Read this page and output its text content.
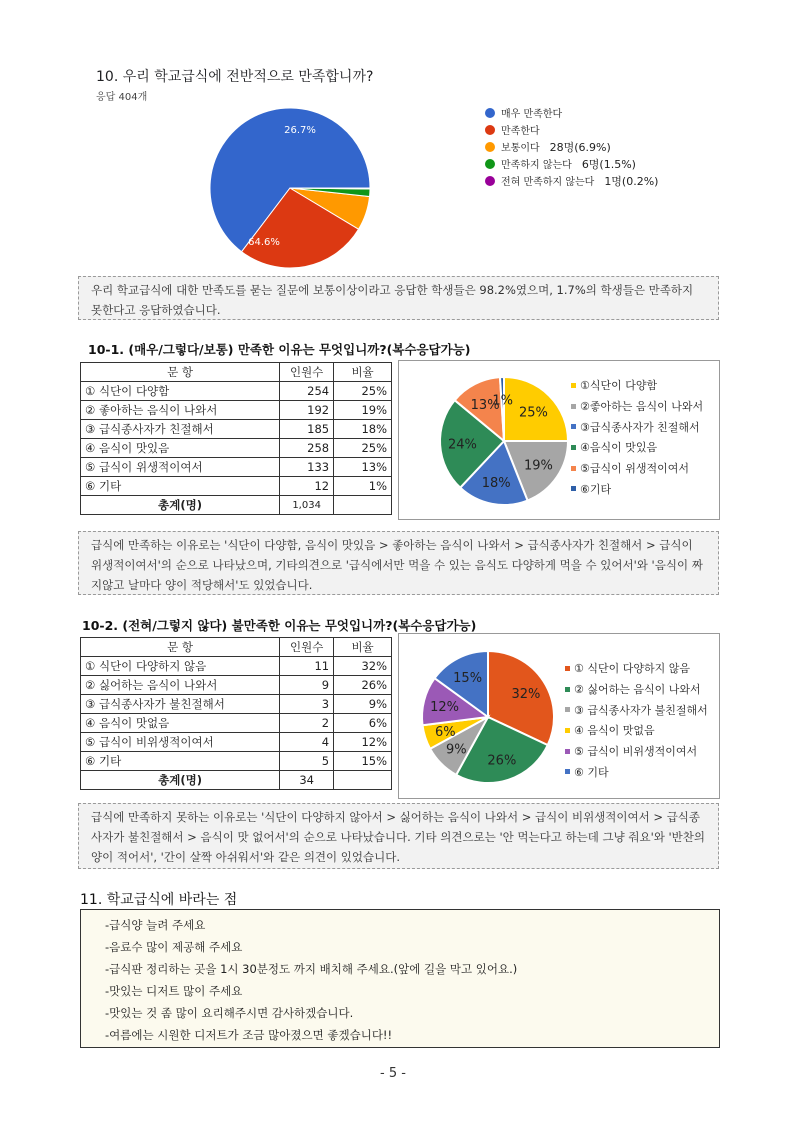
10. 우리 학교급식에 전반적으로 만족합니까?
응답 404개
26.7%
64.6%
매우 만족한다
만족한다
보통이다 28명(6.9%)
만족하지 않는다 6명(1.5%)
전혀 만족하지 않는다 1명(0.2%)
우리 학교급식에 대한 만족도를 묻는 질문에 보통이상이라고 응답한 학생들은 98.2%였으며, 1.7%의 학생들은 만족하지 못한다고 응답하였습니다.
10-1. (매우/그렇다/보통) 만족한 이유는 무엇입니까?(복수응답가능)
문 항	인원수	비율
① 식단이 다양함	254	25%
② 좋아하는 음식이 나와서	192	19%
③ 급식종사자가 친절해서	185	18%
④ 음식이 맛있음	258	25%
⑤ 급식이 위생적이여서	133	13%
⑥ 기타	12	1%
총계(명)	1,034	
25%
19%
18%
24%
13%
1%
①식단이 다양함
②좋아하는 음식이 나와서
③급식종사자가 친절해서
④음식이 맛있음
⑤급식이 위생적이여서
⑥기타
급식에 만족하는 이유로는 '식단이 다양함, 음식이 맛있음 > 좋아하는 음식이 나와서 > 급식종사자가 친절해서 > 급식이 위생적이여서'의 순으로 나타났으며, 기타의견으로 '급식에서만 먹을 수 있는 음식도 다양하게 먹을 수 있어서'와 '음식이 짜지않고 날마다 양이 적당해서'도 있었습니다.
10-2. (전혀/그렇지 않다) 불만족한 이유는 무엇입니까?(복수응답가능)
문 항	인원수	비율
① 식단이 다양하지 않음	11	32%
② 싫어하는 음식이 나와서	9	26%
③ 급식종사자가 불친절해서	3	9%
④ 음식이 맛없음	2	6%
⑤ 급식이 비위생적이여서	4	12%
⑥ 기타	5	15%
총계(명)	34	
32%
26%
9%
6%
12%
15%
① 식단이 다양하지 않음
② 싫어하는 음식이 나와서
③ 급식종사자가 불친절해서
④ 음식이 맛없음
⑤ 급식이 비위생적이여서
⑥ 기타
급식에 만족하지 못하는 이유로는 '식단이 다양하지 않아서 > 싫어하는 음식이 나와서 > 급식이 비위생적이여서 > 급식종사자가 불친절해서 > 음식이 맛 없어서'의 순으로 나타났습니다. 기타 의견으로는 '안 먹는다고 하는데 그냥 줘요'와 '반찬의 양이 적어서', '간이 살짝 아쉬워서'와 같은 의견이 있었습니다.
11. 학교급식에 바라는 점
-급식양 늘려 주세요
-음료수 많이 제공해 주세요
-급식판 정리하는 곳을 1시 30분정도 까지 배치해 주세요.(앞에 길을 막고 있어요.)
-맛있는 디저트 많이 주세요
-맛있는 것 좀 많이 요리해주시면 감사하겠습니다.
-여름에는 시원한 디저트가 조금 많아졌으면 좋겠습니다!!
- 5 -
